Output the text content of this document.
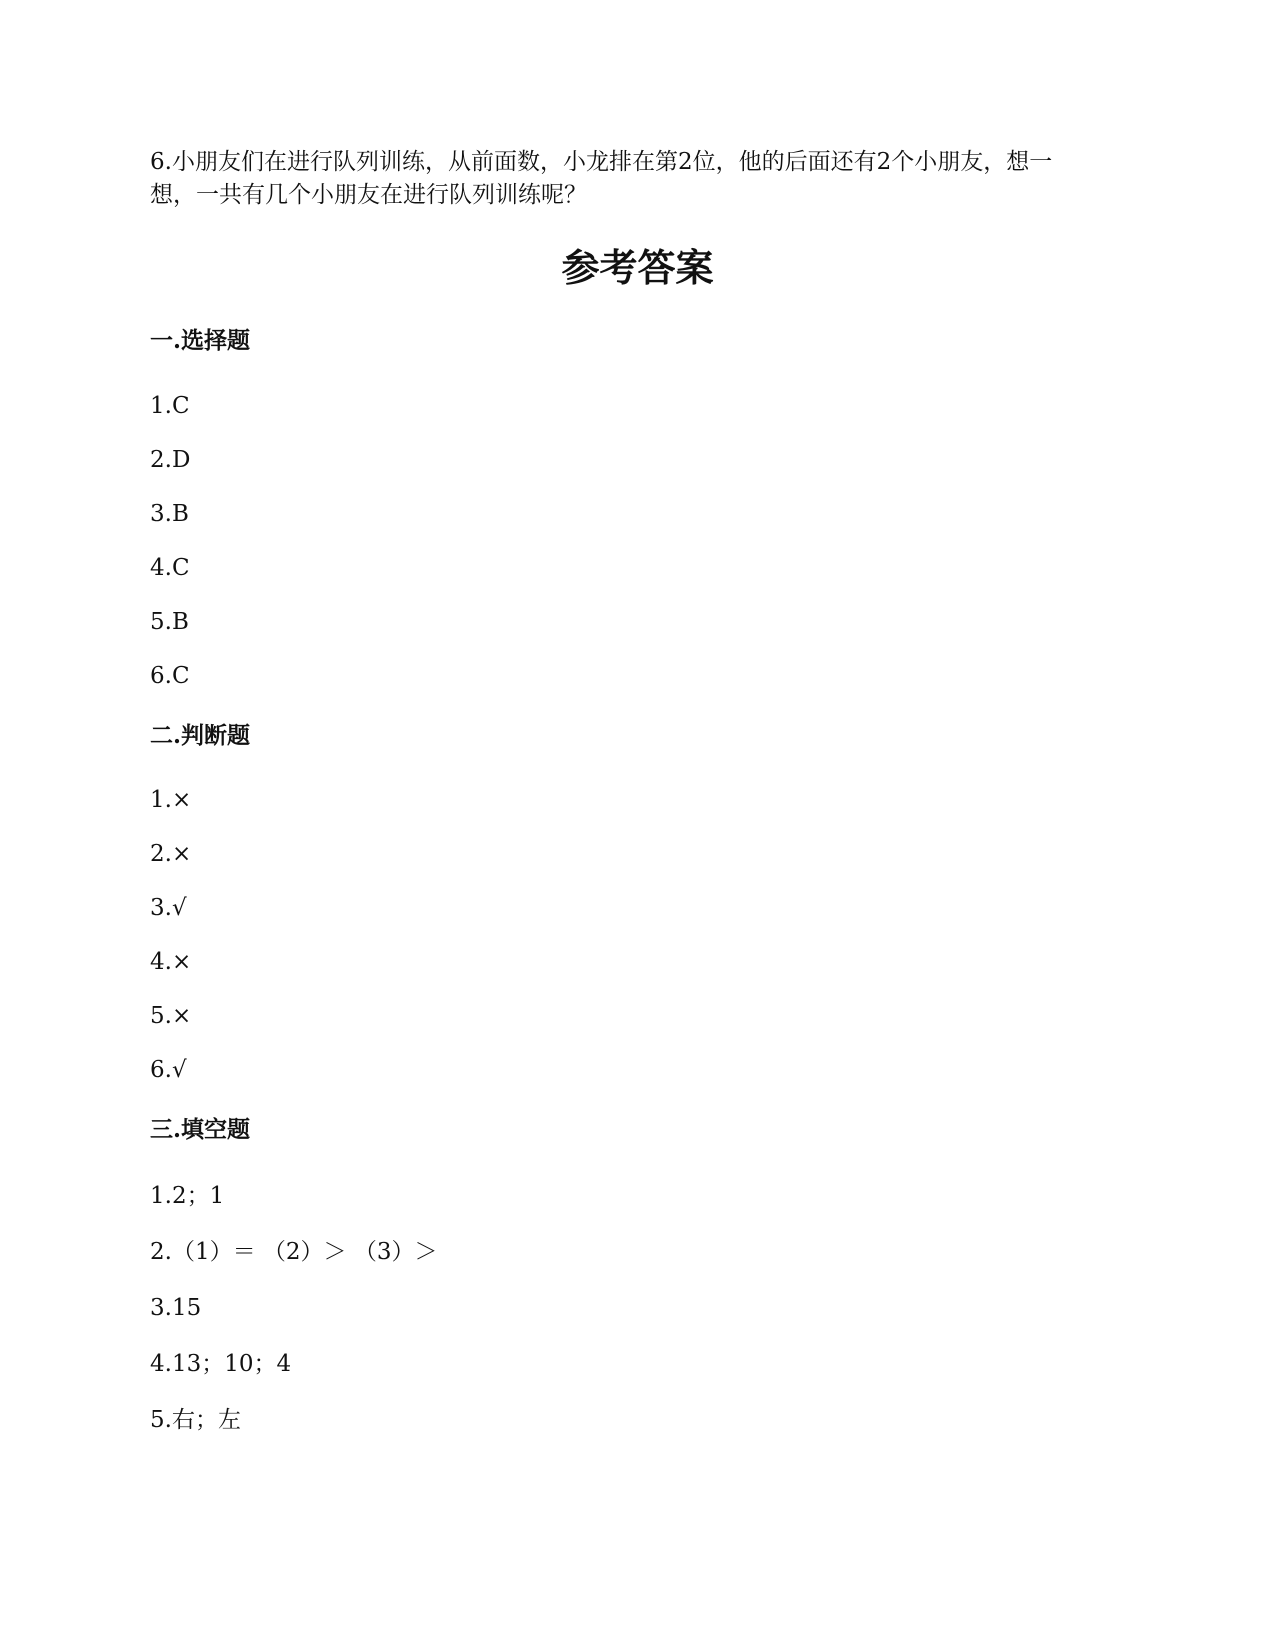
6.小朋友们在进行队列训练，从前面数，小龙排在第2位，他的后面还有2个小朋友，想一
想，一共有几个小朋友在进行队列训练呢？

参考答案
一.选择题

1.C

2.D

3.B

4.C

5.B

6.C

二.判断题

1.×

2.×

3.√

4.×

5.×

6.√

三.填空题

1.2；1

2.（1）＝ （2）＞ （3）＞

3.15

4.13；10；4

5.右；左
